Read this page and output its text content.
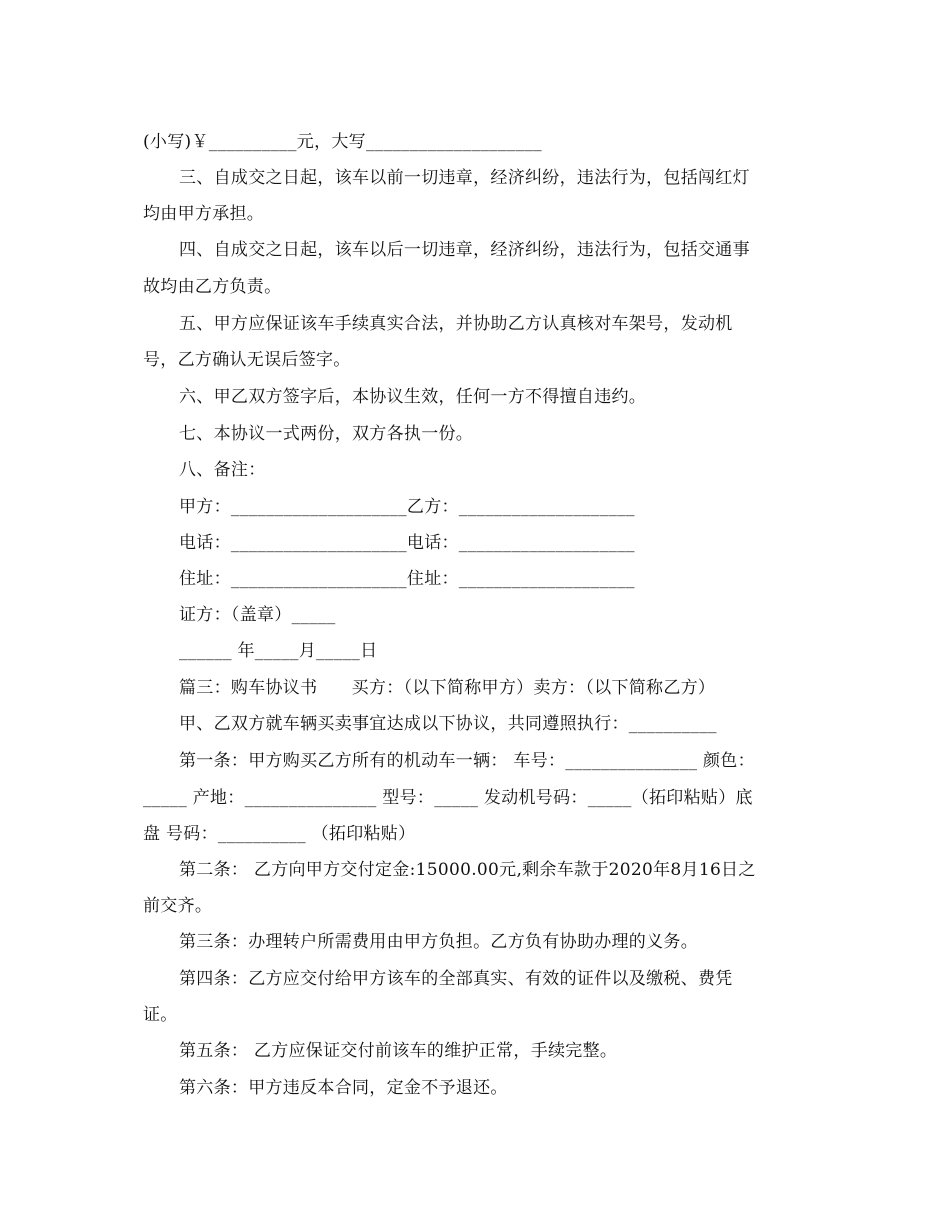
(小写)￥__________元，大写____________________
三、自成交之日起，该车以前一切违章，经济纠纷，违法行为，包括闯红灯
均由甲方承担。
四、自成交之日起，该车以后一切违章，经济纠纷，违法行为，包括交通事
故均由乙方负责。
五、甲方应保证该车手续真实合法，并协助乙方认真核对车架号，发动机
号，乙方确认无误后签字。
六、甲乙双方签字后，本协议生效，任何一方不得擅自违约。
七、本协议一式两份，双方各执一份。
八、备注：
甲方：____________________乙方：____________________
电话：____________________电话：____________________
住址：____________________住址：____________________
证方：（盖章）_____
______ 年_____月_____日
篇三：购车协议书      买方：（以下简称甲方）卖方：（以下简称乙方）
甲、乙双方就车辆买卖事宜达成以下协议，共同遵照执行：__________
第一条：甲方购买乙方所有的机动车一辆： 车号：_______________ 颜色：
_____ 产地：_______________ 型号：_____ 发动机号码：_____（拓印粘贴）底
盘 号码：__________ （拓印粘贴）
第二条： 乙方向甲方交付定金:15000.00元,剩余车款于2020年8月16日之
前交齐。
第三条：办理转户所需费用由甲方负担。乙方负有协助办理的义务。
第四条：乙方应交付给甲方该车的全部真实、有效的证件以及缴税、费凭
证。
第五条： 乙方应保证交付前该车的维护正常，手续完整。
第六条：甲方违反本合同，定金不予退还。
